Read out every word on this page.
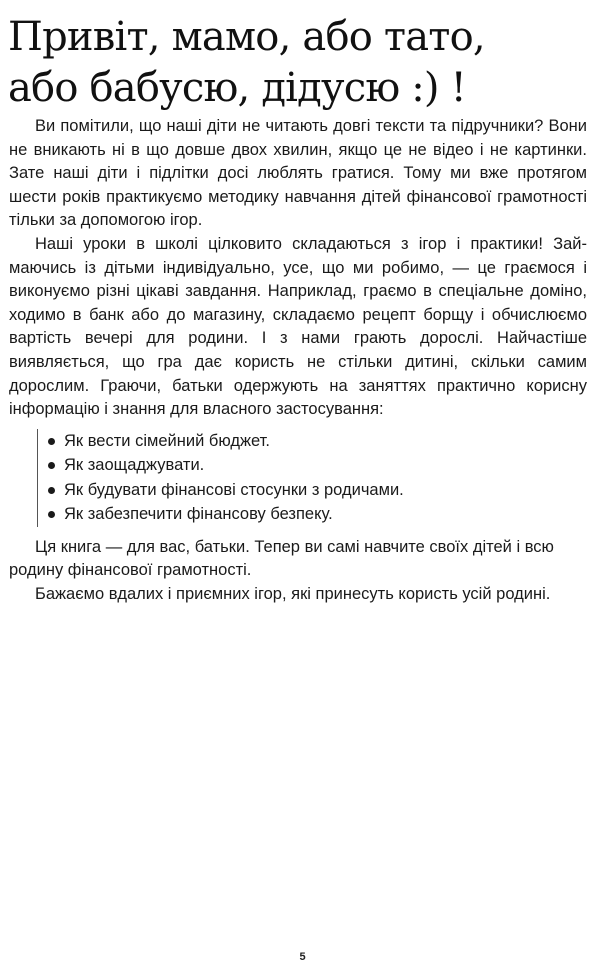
Привіт, мамо, або тато,
або бабусю, дідусю :) !

Ви помітили, що наші діти не читають довгі тексти та підручники? Вони не вникають ні в що довше двох хвилин, якщо це не відео і не картинки. Зате наші діти і підлітки досі люблять гратися. Тому ми вже протягом шести років практикуємо методику навчання дітей фінансової грамотності тільки за допомогою ігор.

Наші уроки в школі цілковито складаються з ігор і практики! Займаючись із дітьми індивідуально, усе, що ми робимо, — це граємося і виконуємо різні цікаві завдання. Наприклад, граємо в спеціальне доміно, ходимо в банк або до магазину, складаємо рецепт борщу і обчислюємо вартість вечері для родини. І з нами грають дорослі. Найчастіше виявляється, що гра дає користь не стільки дитині, скільки самим дорослим. Граючи, батьки одержують на заняттях практично корисну інформацію і знання для власного застосування:

Як вести сімейний бюджет.
Як заощаджувати.
Як будувати фінансові стосунки з родичами.
Як забезпечити фінансову безпеку.

Ця книга — для вас, батьки. Тепер ви самі навчите своїх дітей і всю родину фінансової грамотності.

Бажаємо вдалих і приємних ігор, які принесуть користь усій родині.

5
